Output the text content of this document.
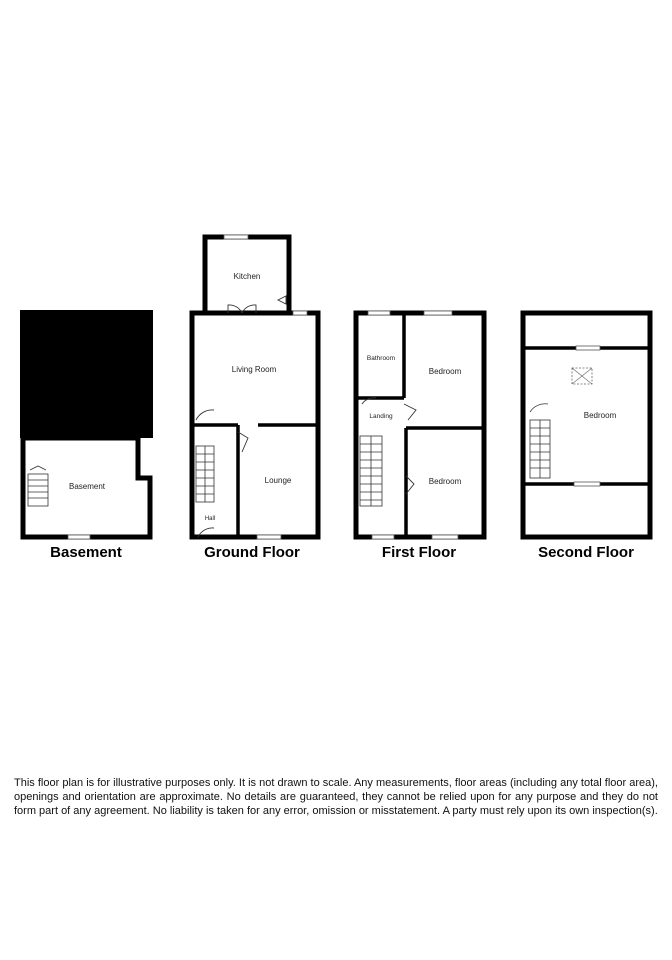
Basement
Kitchen
Living Room
Lounge
Hall
Bathroom
Bedroom
Landing
Bedroom
Bedroom
Basement	Ground Floor	First Floor	Second Floor
This floor plan is for illustrative purposes only. It is not drawn to scale. Any measurements, floor areas (including any total floor area), openings and orientation are approximate. No details are guaranteed, they cannot be relied upon for any purpose and they do not form part of any agreement. No liability is taken for any error, omission or misstatement. A party must rely upon its own inspection(s).
